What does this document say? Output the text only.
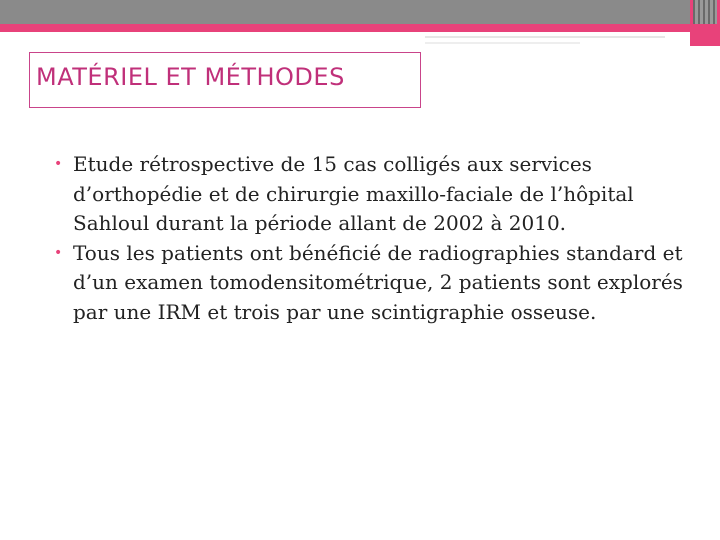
MATÉRIEL ET MÉTHODES
• Etude rétrospective de 15 cas colligés aux services d’orthopédie et de chirurgie maxillo-faciale de l’hôpital Sahloul durant la période allant de 2002 à 2010.
• Tous les patients ont bénéficié de radiographies standard et d’un examen tomodensitométrique, 2 patients sont explorés par une IRM et trois par une scintigraphie osseuse.
